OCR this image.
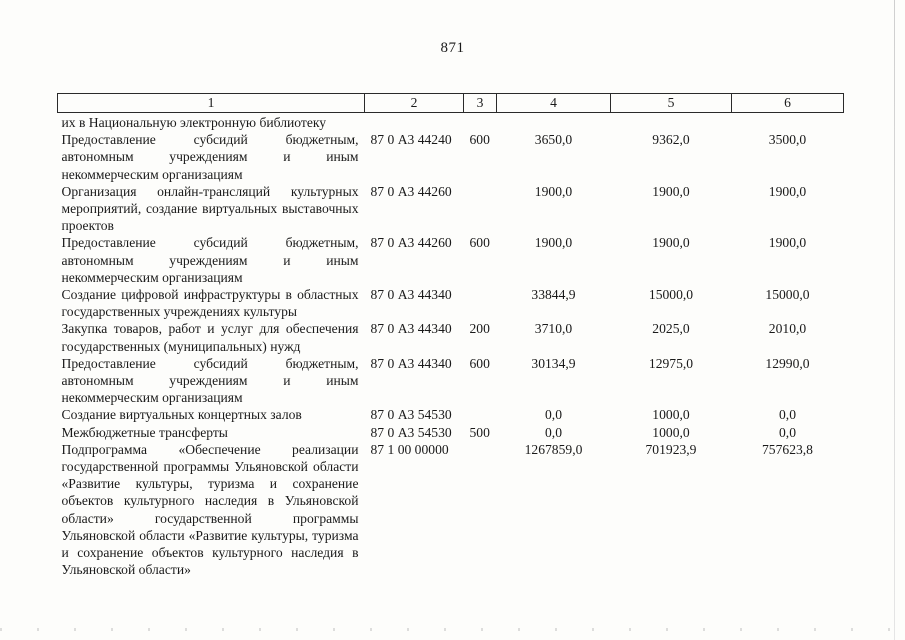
871
1	2	3	4	5	6
их в Национальную электронную библиотеку					
Предоставление субсидий бюджетным, автономным учреждениям и иным некоммерческим организациям	87 0 А3 44240	600	3650,0	9362,0	3500,0
Организация онлайн-трансляций культурных мероприятий, создание виртуальных выставочных проектов	87 0 А3 44260		1900,0	1900,0	1900,0
Предоставление субсидий бюджетным, автономным учреждениям и иным некоммерческим организациям	87 0 А3 44260	600	1900,0	1900,0	1900,0
Создание цифровой инфраструктуры в областных государственных учреждениях культуры	87 0 А3 44340		33844,9	15000,0	15000,0
Закупка товаров, работ и услуг для обеспечения государственных (муниципальных) нужд	87 0 А3 44340	200	3710,0	2025,0	2010,0
Предоставление субсидий бюджетным, автономным учреждениям и иным некоммерческим организациям	87 0 А3 44340	600	30134,9	12975,0	12990,0
Создание виртуальных концертных залов	87 0 А3 54530		0,0	1000,0	0,0
Межбюджетные трансферты	87 0 А3 54530	500	0,0	1000,0	0,0
Подпрограмма «Обеспечение реализации государственной программы Ульяновской области «Развитие культуры, туризма и сохранение объектов культурного наследия в Ульяновской области» государственной программы Ульяновской области «Развитие культуры, туризма и сохранение объектов культурного наследия в Ульяновской области»	87 1 00 00000		1267859,0	701923,9	757623,8
